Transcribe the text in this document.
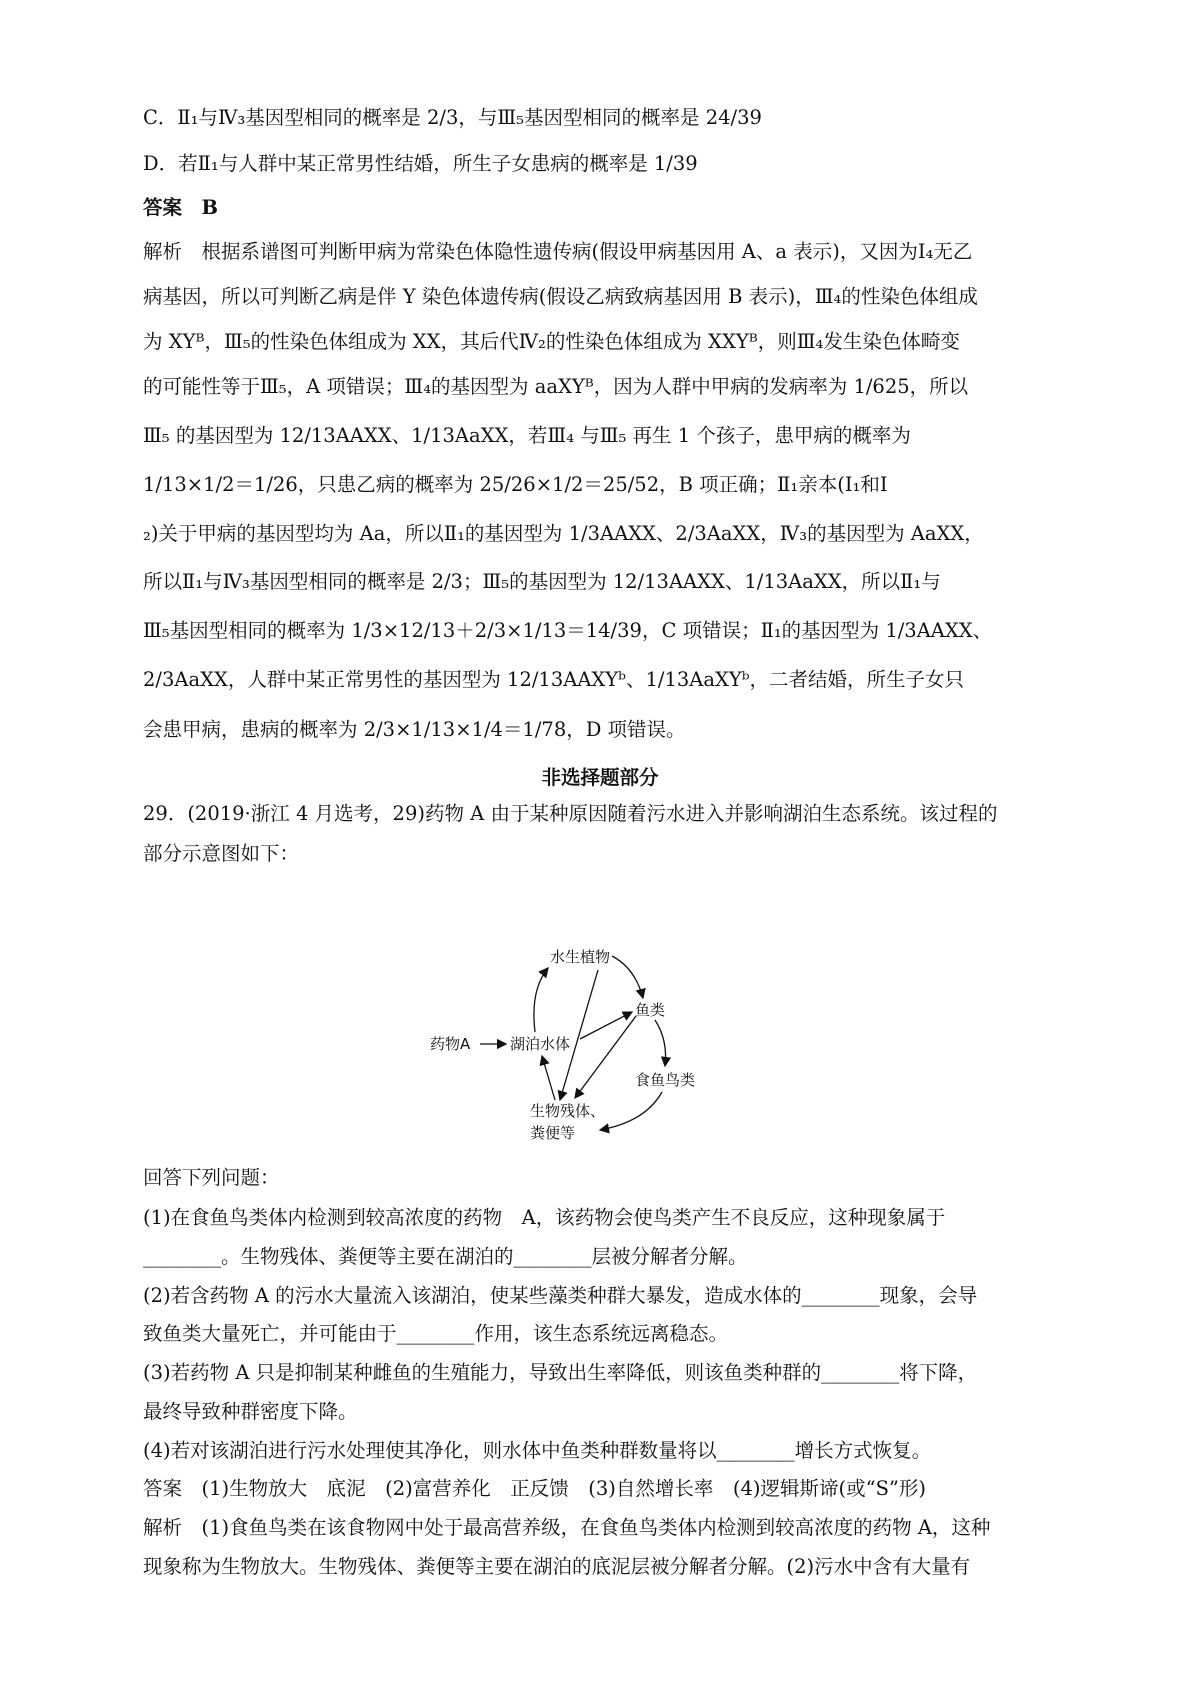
C．Ⅱ₁与Ⅳ₃基因型相同的概率是 2/3，与Ⅲ₅基因型相同的概率是 24/39
D．若Ⅱ₁与人群中某正常男性结婚，所生子女患病的概率是 1/39
答案　B
解析　根据系谱图可判断甲病为常染色体隐性遗传病(假设甲病基因用 A、a 表示)，又因为Ⅰ₄无乙
病基因，所以可判断乙病是伴 Y 染色体遗传病(假设乙病致病基因用 B 表示)，Ⅲ₄的性染色体组成
为 XYᴮ，Ⅲ₅的性染色体组成为 XX，其后代Ⅳ₂的性染色体组成为 XXYᴮ，则Ⅲ₄发生染色体畸变
的可能性等于Ⅲ₅，A 项错误；Ⅲ₄的基因型为 aaXYᴮ，因为人群中甲病的发病率为 1/625，所以
Ⅲ₅ 的基因型为 12/13AAXX、1/13AaXX，若Ⅲ₄ 与Ⅲ₅ 再生 1 个孩子，患甲病的概率为
1/13×1/2＝1/26，只患乙病的概率为 25/26×1/2＝25/52，B 项正确；Ⅱ₁亲本(Ⅰ₁和Ⅰ
₂)关于甲病的基因型均为 Aa，所以Ⅱ₁的基因型为 1/3AAXX、2/3AaXX，Ⅳ₃的基因型为 AaXX，
所以Ⅱ₁与Ⅳ₃基因型相同的概率是 2/3；Ⅲ₅的基因型为 12/13AAXX、1/13AaXX，所以Ⅱ₁与
Ⅲ₅基因型相同的概率为 1/3×12/13＋2/3×1/13＝14/39，C 项错误；Ⅱ₁的基因型为 1/3AAXX、
2/3AaXX，人群中某正常男性的基因型为 12/13AAXYᵇ、1/13AaXYᵇ，二者结婚，所生子女只
会患甲病，患病的概率为 2/3×1/13×1/4＝1/78，D 项错误。
非选择题部分
29．(2019·浙江 4 月选考，29)药物 A 由于某种原因随着污水进入并影响湖泊生态系统。该过程的
部分示意图如下：
水生植物
鱼类
药物A	湖泊水体
食鱼鸟类
生物残体、
粪便等
回答下列问题：
(1)在食鱼鸟类体内检测到较高浓度的药物　A，该药物会使鸟类产生不良反应，这种现象属于
________。生物残体、粪便等主要在湖泊的________层被分解者分解。
(2)若含药物 A 的污水大量流入该湖泊，使某些藻类种群大暴发，造成水体的________现象，会导
致鱼类大量死亡，并可能由于________作用，该生态系统远离稳态。
(3)若药物 A 只是抑制某种雌鱼的生殖能力，导致出生率降低，则该鱼类种群的________将下降，
最终导致种群密度下降。
(4)若对该湖泊进行污水处理使其净化，则水体中鱼类种群数量将以________增长方式恢复。
答案　(1)生物放大　底泥　(2)富营养化　正反馈　(3)自然增长率　(4)逻辑斯谛(或“S”形)
解析　(1)食鱼鸟类在该食物网中处于最高营养级，在食鱼鸟类体内检测到较高浓度的药物 A，这种
现象称为生物放大。生物残体、粪便等主要在湖泊的底泥层被分解者分解。(2)污水中含有大量有
